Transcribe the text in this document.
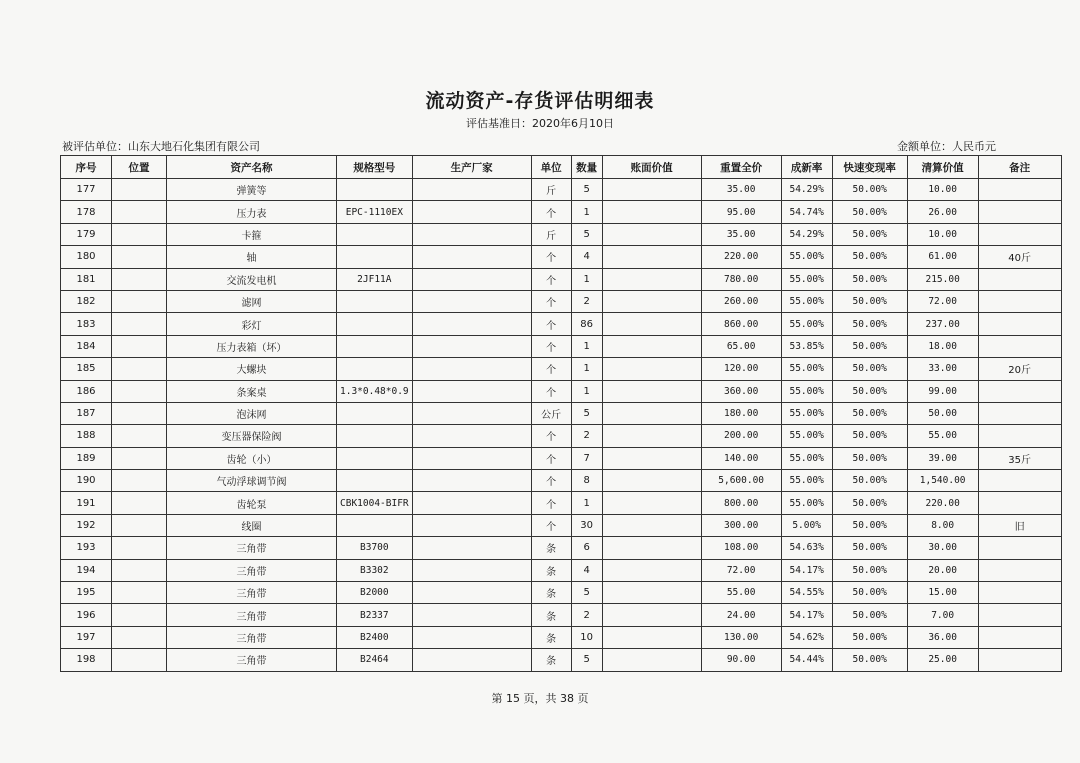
流动资产-存货评估明细表
评估基准日：2020年6月10日
被评估单位：山东大地石化集团有限公司	金额单位：人民币元
序号	位置	资产名称	规格型号	生产厂家	单位	数量	账面价值	重置全价	成新率	快速变现率	清算价值	备注
177		弹簧等			斤	5		35.00	54.29%	50.00%	10.00	
178		压力表	EPC-1110EX		个	1		95.00	54.74%	50.00%	26.00	
179		卡箍			斤	5		35.00	54.29%	50.00%	10.00	
180		轴			个	4		220.00	55.00%	50.00%	61.00	40斤
181		交流发电机	2JF11A		个	1		780.00	55.00%	50.00%	215.00	
182		滤网			个	2		260.00	55.00%	50.00%	72.00	
183		彩灯			个	86		860.00	55.00%	50.00%	237.00	
184		压力表箱（坏）			个	1		65.00	53.85%	50.00%	18.00	
185		大螺块			个	1		120.00	55.00%	50.00%	33.00	20斤
186		条案桌	1.3*0.48*0.9		个	1		360.00	55.00%	50.00%	99.00	
187		泡沫网			公斤	5		180.00	55.00%	50.00%	50.00	
188		变压器保险阀			个	2		200.00	55.00%	50.00%	55.00	
189		齿轮（小）			个	7		140.00	55.00%	50.00%	39.00	35斤
190		气动浮球调节阀			个	8		5,600.00	55.00%	50.00%	1,540.00	
191		齿轮泵	CBK1004-BIFR		个	1		800.00	55.00%	50.00%	220.00	
192		线圈			个	30		300.00	5.00%	50.00%	8.00	旧
193		三角带	B3700		条	6		108.00	54.63%	50.00%	30.00	
194		三角带	B3302		条	4		72.00	54.17%	50.00%	20.00	
195		三角带	B2000		条	5		55.00	54.55%	50.00%	15.00	
196		三角带	B2337		条	2		24.00	54.17%	50.00%	7.00	
197		三角带	B2400		条	10		130.00	54.62%	50.00%	36.00	
198		三角带	B2464		条	5		90.00	54.44%	50.00%	25.00	
第 15 页，共 38 页
